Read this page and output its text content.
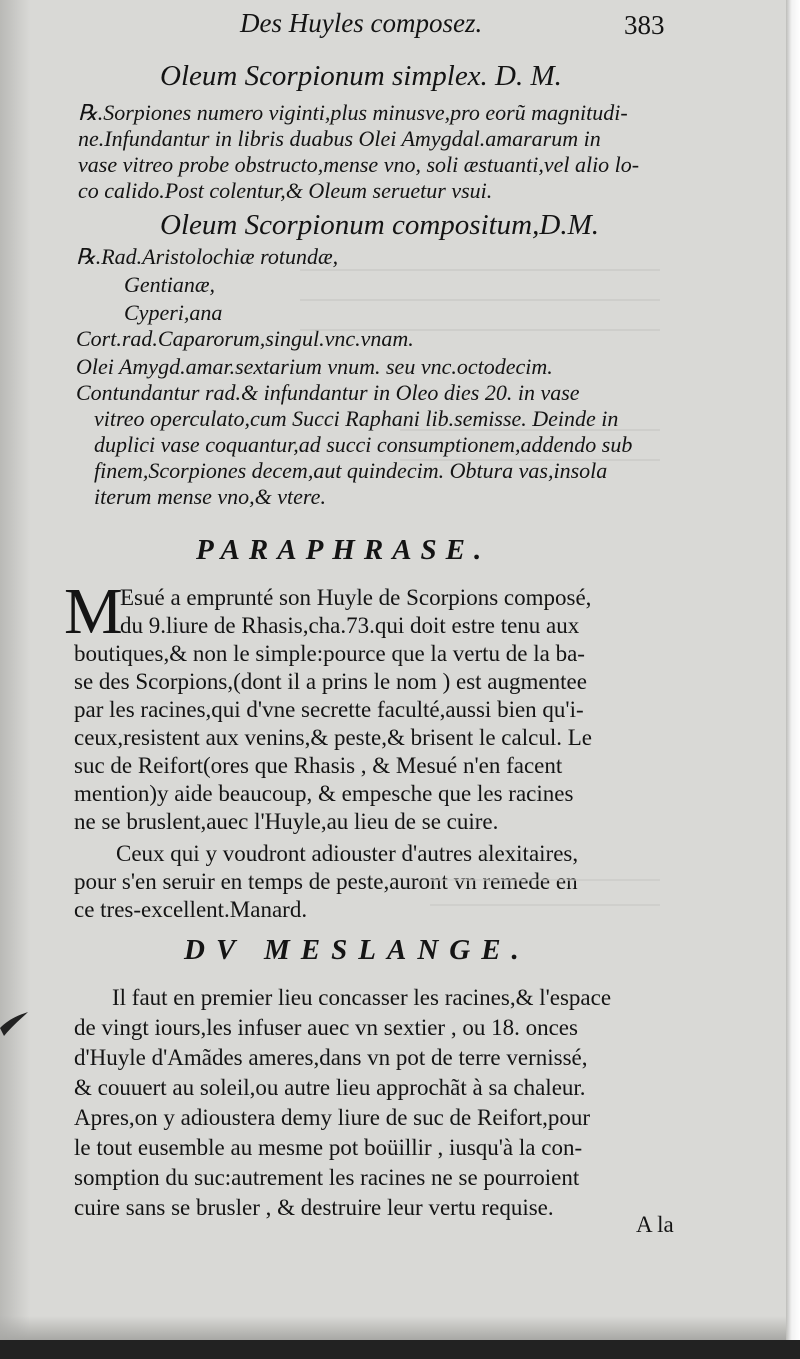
Des Huyles composez.	383
Oleum Scorpionum simplex. D. M.
℞.Sorpiones numero viginti,plus minusve,pro eorũ magnitudi-
ne.Infundantur in libris duabus Olei Amygdal.amararum in
vase vitreo probe obstructo,mense vno, soli æstuanti,vel alio lo-
co calido.Post colentur,& Oleum seruetur vsui.
Oleum Scorpionum compositum,D.M.
℞.Rad.Aristolochiæ rotundæ,
Gentianæ,
Cyperi,ana
Cort.rad.Caparorum,singul.vnc.vnam.
Olei Amygd.amar.sextarium vnum. seu vnc.octodecim.
Contundantur rad.& infundantur in Oleo dies 20. in vase
vitreo operculato,cum Succi Raphani lib.semisse. Deinde in
duplici vase coquantur,ad succi consumptionem,addendo sub
finem,Scorpiones decem,aut quindecim. Obtura vas,insola
iterum mense vno,& vtere.
PARAPHRASE.
M
Esué a emprunté son Huyle de Scorpions composé,
du 9.liure de Rhasis,cha.73.qui doit estre tenu aux
boutiques,& non le simple:pource que la vertu de la ba-
se des Scorpions,(dont il a prins le nom ) est augmentee
par les racines,qui d'vne secrette faculté,aussi bien qu'i-
ceux,resistent aux venins,& peste,& brisent le calcul. Le
suc de Reifort(ores que Rhasis , & Mesué n'en facent
mention)y aide beaucoup, & empesche que les racines
ne se bruslent,auec l'Huyle,au lieu de se cuire.
Ceux qui y voudront adiouster d'autres alexitaires,
pour s'en seruir en temps de peste,auront vn remede en
ce tres-excellent.Manard.
DV MESLANGE.
Il faut en premier lieu concasser les racines,& l'espace
de vingt iours,les infuser auec vn sextier , ou 18. onces
d'Huyle d'Amãdes ameres,dans vn pot de terre vernissé,
& couuert au soleil,ou autre lieu approchãt à sa chaleur.
Apres,on y adioustera demy liure de suc de Reifort,pour
le tout eusemble au mesme pot boüillir , iusqu'à la con-
somption du suc:autrement les racines ne se pourroient
cuire sans se brusler , & destruire leur vertu requise.
A la
